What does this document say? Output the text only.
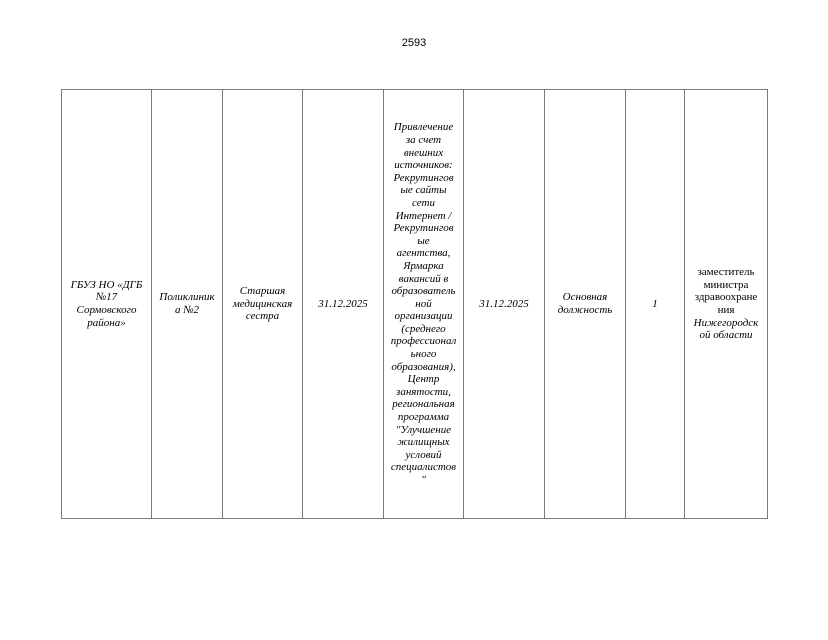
2593
ГБУЗ НО «ДГБ
№17
Сормовского
района»

Поликлиник
а №2

Старшая
медицинская
сестра

31.12.2025

Привлечение
за счет
внешних
источников:
Рекрутингов
ые сайты
сети
Интернет /
Рекрутингов
ые
агентства,
Ярмарка
вакансий в
образователь
ной
организации
(среднего
профессионал
ьного
образования),
Центр
занятости,
региональная
программа
"Улучшение
жилищных
условий
специалистов
"

31.12.2025

Основная
должность

1

заместитель
министра
здравоохране
ния
Нижегородск
ой области
